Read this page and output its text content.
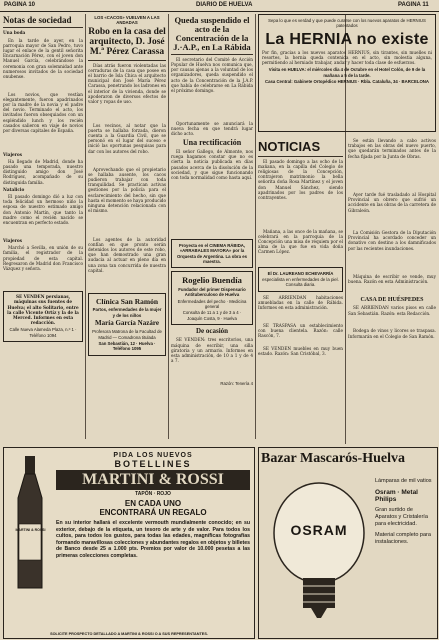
PAGINA 10	DIARIO DE HUELVA	PAGINA 11
Notas de sociedad
Una boda

En la tarde de ayer, en la parroquia mayor de San Pedro, tuvo lugar el enlace de la gentil señorita Encarnación Pérez, con el joven don Manuel García, celebrándose la ceremonia con gran solemnidad ante numerosos invitados de la sociedad onubense.

Los novios, que vestían elegantemente, fueron apadrinados por la madre de la novia y el padre del novio. Terminado el acto, los invitados fueron obsequiados con un espléndido lunch y los recién casados salieron en viaje de novios por diversas capitales de España.

Viajeros

Ha llegado de Madrid, donde ha pasado una temporada, nuestro distinguido amigo don José Rodríguez, acompañado de su distinguida familia.

Natalicio

El pasado domingo dió a luz con toda felicidad un hermoso niño la esposa de nuestro estimado amigo don Antonio Martín, que tanto la madre como el recién nacido se encuentran en perfecto estado.

Viajeros

Marchó a Sevilla, en unión de su familia, el registrador de la propiedad de esta capital. Regresaron de Madrid don Francisco Vázquez y señora.

SE VENDEN persianas, máquinas sus fuentes de Huelva; el alto Solitario, entre la calle Vicente Ortíz y la de la Merced. Informes en esta redacción.
Calle Nueva Alameda Plaza, n.º 1 · Teléfono 1094
LOS «CACOS» VUELVEN A LAS ANDADAS
Robo en la casa del arquitecto, D. José M.ª Pérez Carassa

Días atrás fueron violentadas las cerraduras de la casa que posee en el barrio de Isla Chica el arquitecto municipal don José María Pérez Carassa, penetrando los ladrones en el interior de la vivienda, donde se apoderaron de diversos efectos de valor y ropas de uso.

Los vecinos, al notar que la puerta se hallaba forzada, dieron cuenta a la Guardia Civil, que se personó en el lugar del suceso e inició las oportunas pesquisas para dar con los autores del robo.

Aprovechando que el propietario se hallaba ausente, los cacos pudieron trabajar con toda tranquilidad. Se practican activas gestiones por la policía para el esclarecimiento del hecho, sin que hasta el momento se haya producido ninguna detención relacionada con el mismo.

Los agentes de la autoridad confían en que pronto serán detenidos los autores de este robo, que han demostrado una gran audacia al actuar en pleno día en una zona tan concurrida de nuestra capital.

Clínica San Ramón
Partos, enfermedades de la mujer y de los niños
María García Nazáre
Profesora Matrona de la Facultad de Madrid — Comadrona titulada
San Sebastián, 12 · Huelva · Teléfono 1095
Queda suspendido el acto de la Concentración de la J.·A.P., en La Rábida

El secretario del Comité de Acción Popular de Huelva nos comunica que, por causas ajenas a la voluntad de los organizadores, queda suspendido el acto de la Concentración de la J.A.P. que había de celebrarse en La Rábida el próximo domingo.

Oportunamente se anunciará la nueva fecha en que tendrá lugar dicho acto.

Una rectificación

El señor Gallego, de Almonte, nos ruega hagamos constar que no es cierta la noticia publicada en días pasados acerca de la disolución de la sociedad, y que sigue funcionando con toda normalidad como hasta aquí.

Proyecta en el CINEMA RÁBIDA, «ARRABALES MAYORA» por la Orquesta de Argentina. La obra es maestra.
Rogelio Buendía
Fundador del primer Dispensario Antituberculoso de Huelva
Enfermedades del pecho · Medicina general
Consulta de 11 a 1 y de 3 a 4 · Joaquín Costa, 9 · Huelva
De ocasión

SE VENDEN: tres escritorios, una máquina de escribir, una silla giratoria y un armario. Informes en esta administración, de 10 a 1 y de 4 a 7.

Razón: Tenería 4
Sepa lo que es verdad y que puede curarse con los nuevos aparatos de HERNIUS patentados
La HERNIA no existe
Por fin, gracias a los nuevos aparatos HERNIUS, sin tirantes, sin muelles ni resortes, la hernia queda contenida en el acto, sin molestia alguna, permitiendo al herniado trabajar, andar y hacer toda clase de esfuerzos.
Visita en HUELVA: el miércoles día 4 de Octubre en el Hotel Colón, de 9 de la mañana a 5 de la tarde.
Casa Central: Gabinete Ortopédico HERNIUS · Rbla. Cataluña, 34 · BARCELONA
NOTICIAS

El pasado domingo a las ocho de la mañana, en la capilla del Colegio de religiosas de la Concepción, contrajeron matrimonio la bella señorita doña Rosa Martínez y el joven don Manuel Sánchez, siendo apadrinados por los padres de los contrayentes.

Mañana, a las once de la mañana, se celebrará en la parroquia de la Concepción una misa de réquiem por el alma de la que fue en vida doña Carmen López.

El Dr. LAUREANO ECHEVARRÍA
especialista en enfermedades de la piel. Consulta diaria.

SE ARRIENDAN habitaciones amuebladas en la calle de Rábida. Informes en esta administración.

SE TRASPASA un establecimiento con buena clientela. Razón: calle Rascón, 7.

SE VENDEN muebles en muy buen estado. Razón: San Cristóbal, 3.

Se están llevando a cabo activos trabajos en las obras del nuevo puerto, que quedarán terminados antes de la fecha fijada por la Junta de Obras.

Ayer tarde fué trasladado al Hospital Provincial un obrero que sufrió un accidente en las obras de la carretera de Gibraleón.

La Comisión Gestora de la Diputación Provincial ha acordado conceder un donativo con destino a los damnificados por las recientes inundaciones.

Máquina de escribir se vende, muy buena. Razón en esta Administración.

CASA DE HUÉSPEDES

SE ARRIENDAN varios pisos en calle San Sebastián. Razón: esta Redacción.

Bodega de vinos y licores se traspasa. Informarán en el Colegio de San Ramón.

MARTINI & ROSSI
PIDA LOS NUEVOS
BOTELLINES
MARTINI & ROSSI
TAPÓN · ROJO
EN CADA UNO
ENCONTRARÁ UN REGALO
En su interior hallará el excelente vermouth mundialmente conocido; en su exterior, debajo de la etiqueta, un tesoro de arte y de valor. Para todos los cultos, para todos los gustos, para todas las edades, magníficas fotografías formando maravillosas colecciones y abundantes regalos en objetos y billetes de Banco desde 25 a 1.000 pts. Premios por valor de 10.000 pesetas a las primeras colecciones completas.
SOLICITE PROSPECTO DETALLADO A MARTINI & ROSSI O A SUS REPRESENTANTES.
Bazar Mascarós-Huelva
OSRAM
Lámparas de mil vatios
Osram · Metal
Philips
Gran surtido de Aparatos y Cristalería para electricidad.
Material completo para instalaciones.
